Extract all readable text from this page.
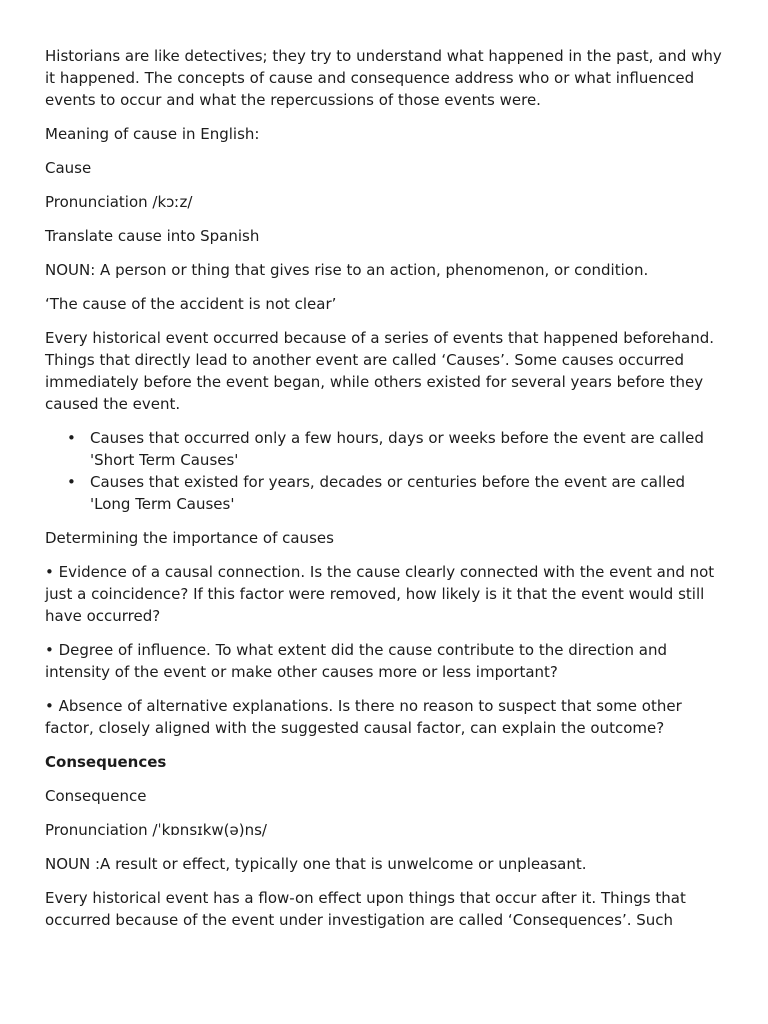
Historians are like detectives; they try to understand what happened in the past, and why it happened. The concepts of cause and consequence address who or what influenced events to occur and what the repercussions of those events were.

Meaning of cause in English:

Cause

Pronunciation /kɔːz/

Translate cause into Spanish

NOUN: A person or thing that gives rise to an action, phenomenon, or condition.

‘The cause of the accident is not clear’

Every historical event occurred because of a series of events that happened beforehand. Things that directly lead to another event are called ‘Causes’. Some causes occurred immediately before the event began, while others existed for several years before they caused the event.

• Causes that occurred only a few hours, days or weeks before the event are called 'Short Term Causes'
• Causes that existed for years, decades or centuries before the event are called 'Long Term Causes'

Determining the importance of causes

• Evidence of a causal connection. Is the cause clearly connected with the event and not just a coincidence? If this factor were removed, how likely is it that the event would still have occurred?

• Degree of influence. To what extent did the cause contribute to the direction and intensity of the event or make other causes more or less important?

• Absence of alternative explanations. Is there no reason to suspect that some other factor, closely aligned with the suggested causal factor, can explain the outcome?

Consequences

Consequence

Pronunciation /ˈkɒnsɪkw(ə)ns/

NOUN :A result or effect, typically one that is unwelcome or unpleasant.

Every historical event has a flow-on effect upon things that occur after it. Things that occurred because of the event under investigation are called ‘Consequences’. Such
